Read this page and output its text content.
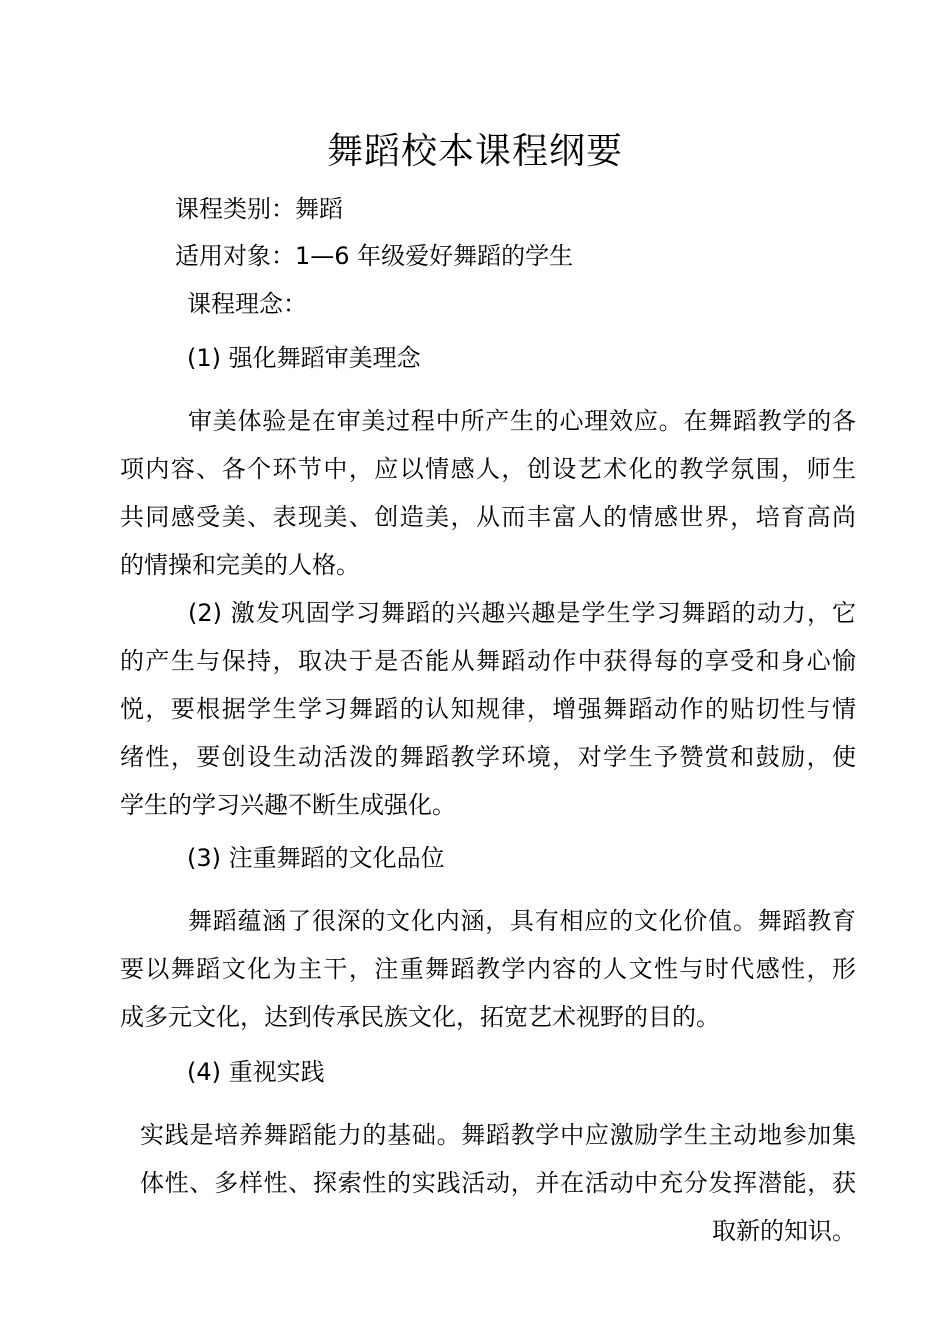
舞蹈校本课程纲要
课程类别：舞蹈
适用对象：1—6 年级爱好舞蹈的学生
课程理念：
(1) 强化舞蹈审美理念

审美体验是在审美过程中所产生的心理效应。在舞蹈教学的各

项内容、各个环节中，应以情感人，创设艺术化的教学氛围，师生

共同感受美、表现美、创造美，从而丰富人的情感世界，培育高尚

的情操和完美的人格。

(2) 激发巩固学习舞蹈的兴趣兴趣是学生学习舞蹈的动力，它

的产生与保持，取决于是否能从舞蹈动作中获得每的享受和身心愉

悦，要根据学生学习舞蹈的认知规律，增强舞蹈动作的贴切性与情

绪性，要创设生动活泼的舞蹈教学环境，对学生予赞赏和鼓励，使

学生的学习兴趣不断生成强化。

(3) 注重舞蹈的文化品位

舞蹈蕴涵了很深的文化内涵，具有相应的文化价值。舞蹈教育

要以舞蹈文化为主干，注重舞蹈教学内容的人文性与时代感性，形

成多元文化，达到传承民族文化，拓宽艺术视野的目的。

(4) 重视实践

实践是培养舞蹈能力的基础。舞蹈教学中应激励学生主动地参加集

体性、多样性、探索性的实践活动，并在活动中充分发挥潜能，获

取新的知识。
